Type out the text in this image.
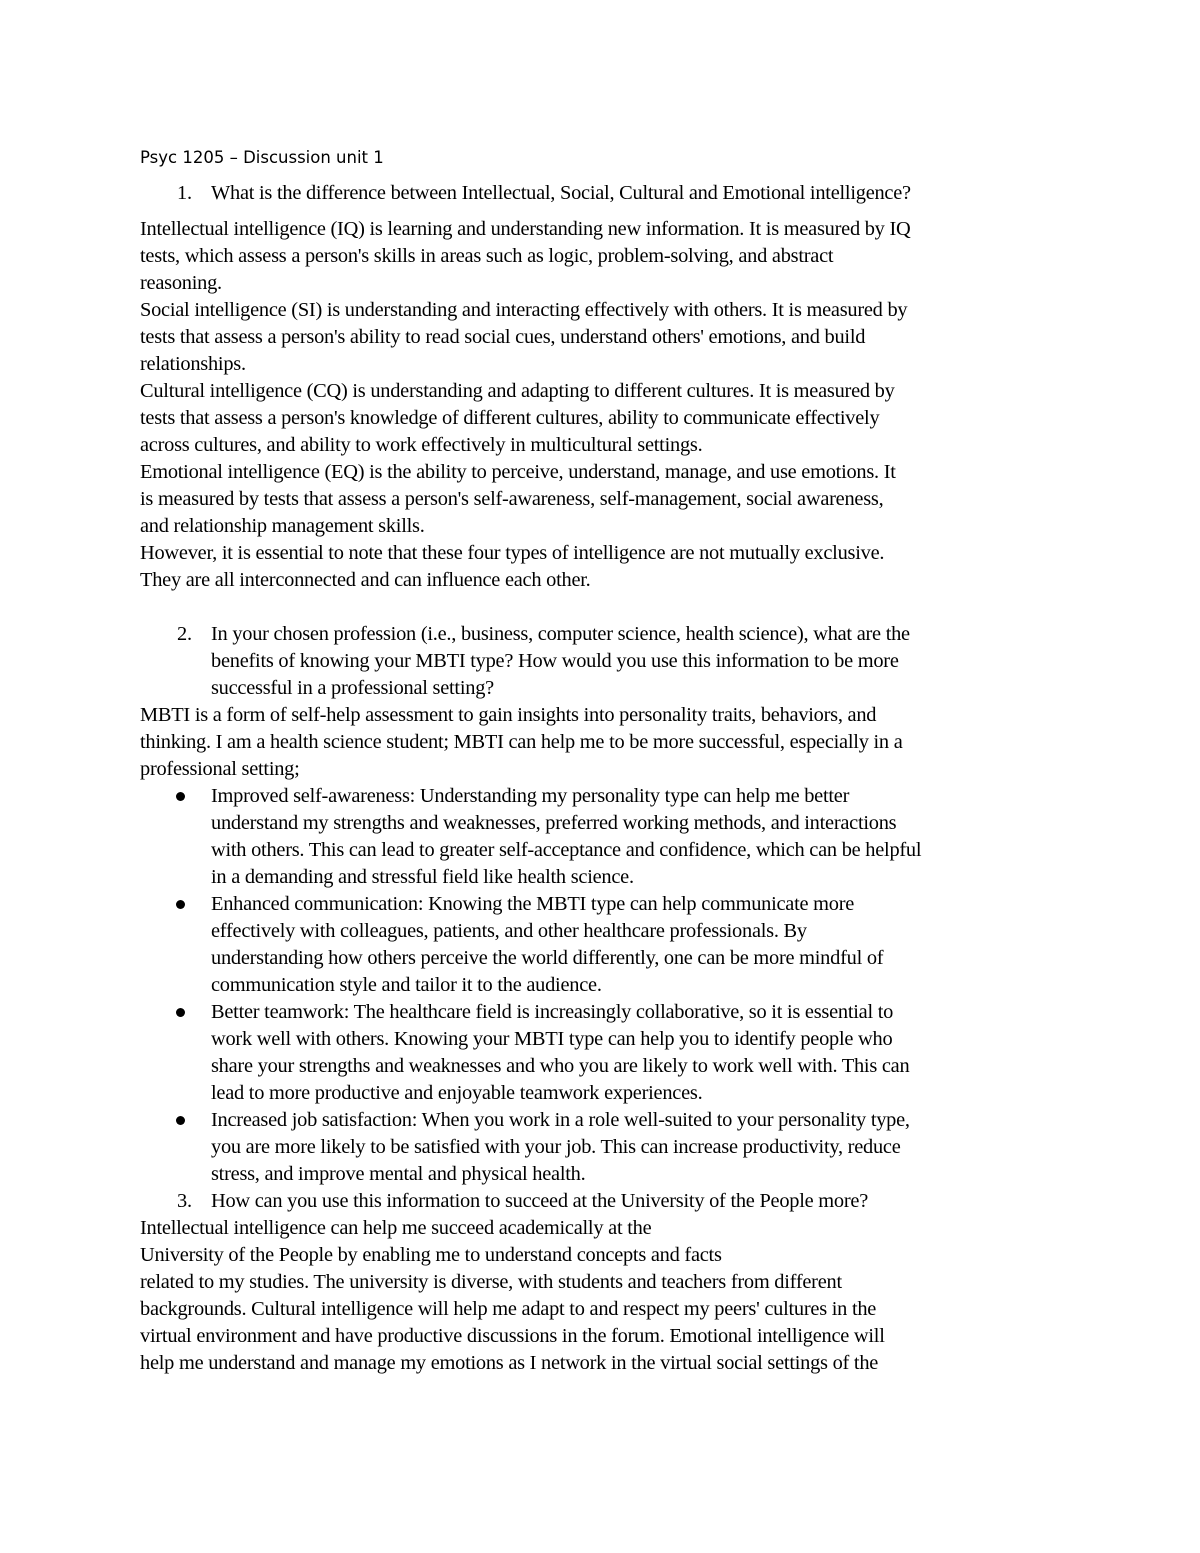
Psyc 1205 – Discussion unit 1
1. What is the difference between Intellectual, Social, Cultural and Emotional intelligence?
Intellectual intelligence (IQ) is learning and understanding new information. It is measured by IQ
tests, which assess a person's skills in areas such as logic, problem-solving, and abstract
reasoning.
Social intelligence (SI) is understanding and interacting effectively with others. It is measured by
tests that assess a person's ability to read social cues, understand others' emotions, and build
relationships.
Cultural intelligence (CQ) is understanding and adapting to different cultures. It is measured by
tests that assess a person's knowledge of different cultures, ability to communicate effectively
across cultures, and ability to work effectively in multicultural settings.
Emotional intelligence (EQ) is the ability to perceive, understand, manage, and use emotions. It
is measured by tests that assess a person's self-awareness, self-management, social awareness,
and relationship management skills.
However, it is essential to note that these four types of intelligence are not mutually exclusive.
They are all interconnected and can influence each other.
2. In your chosen profession (i.e., business, computer science, health science), what are the
benefits of knowing your MBTI type? How would you use this information to be more
successful in a professional setting?
MBTI is a form of self-help assessment to gain insights into personality traits, behaviors, and
thinking. I am a health science student; MBTI can help me to be more successful, especially in a
professional setting;
Improved self-awareness: Understanding my personality type can help me better
understand my strengths and weaknesses, preferred working methods, and interactions
with others. This can lead to greater self-acceptance and confidence, which can be helpful
in a demanding and stressful field like health science.
Enhanced communication: Knowing the MBTI type can help communicate more
effectively with colleagues, patients, and other healthcare professionals. By
understanding how others perceive the world differently, one can be more mindful of
communication style and tailor it to the audience.
Better teamwork: The healthcare field is increasingly collaborative, so it is essential to
work well with others. Knowing your MBTI type can help you to identify people who
share your strengths and weaknesses and who you are likely to work well with. This can
lead to more productive and enjoyable teamwork experiences.
Increased job satisfaction: When you work in a role well-suited to your personality type,
you are more likely to be satisfied with your job. This can increase productivity, reduce
stress, and improve mental and physical health.
3. How can you use this information to succeed at the University of the People more?
Intellectual intelligence can help me succeed academically at the
University of the People by enabling me to understand concepts and facts
related to my studies. The university is diverse, with students and teachers from different
backgrounds. Cultural intelligence will help me adapt to and respect my peers' cultures in the
virtual environment and have productive discussions in the forum. Emotional intelligence will
help me understand and manage my emotions as I network in the virtual social settings of the
